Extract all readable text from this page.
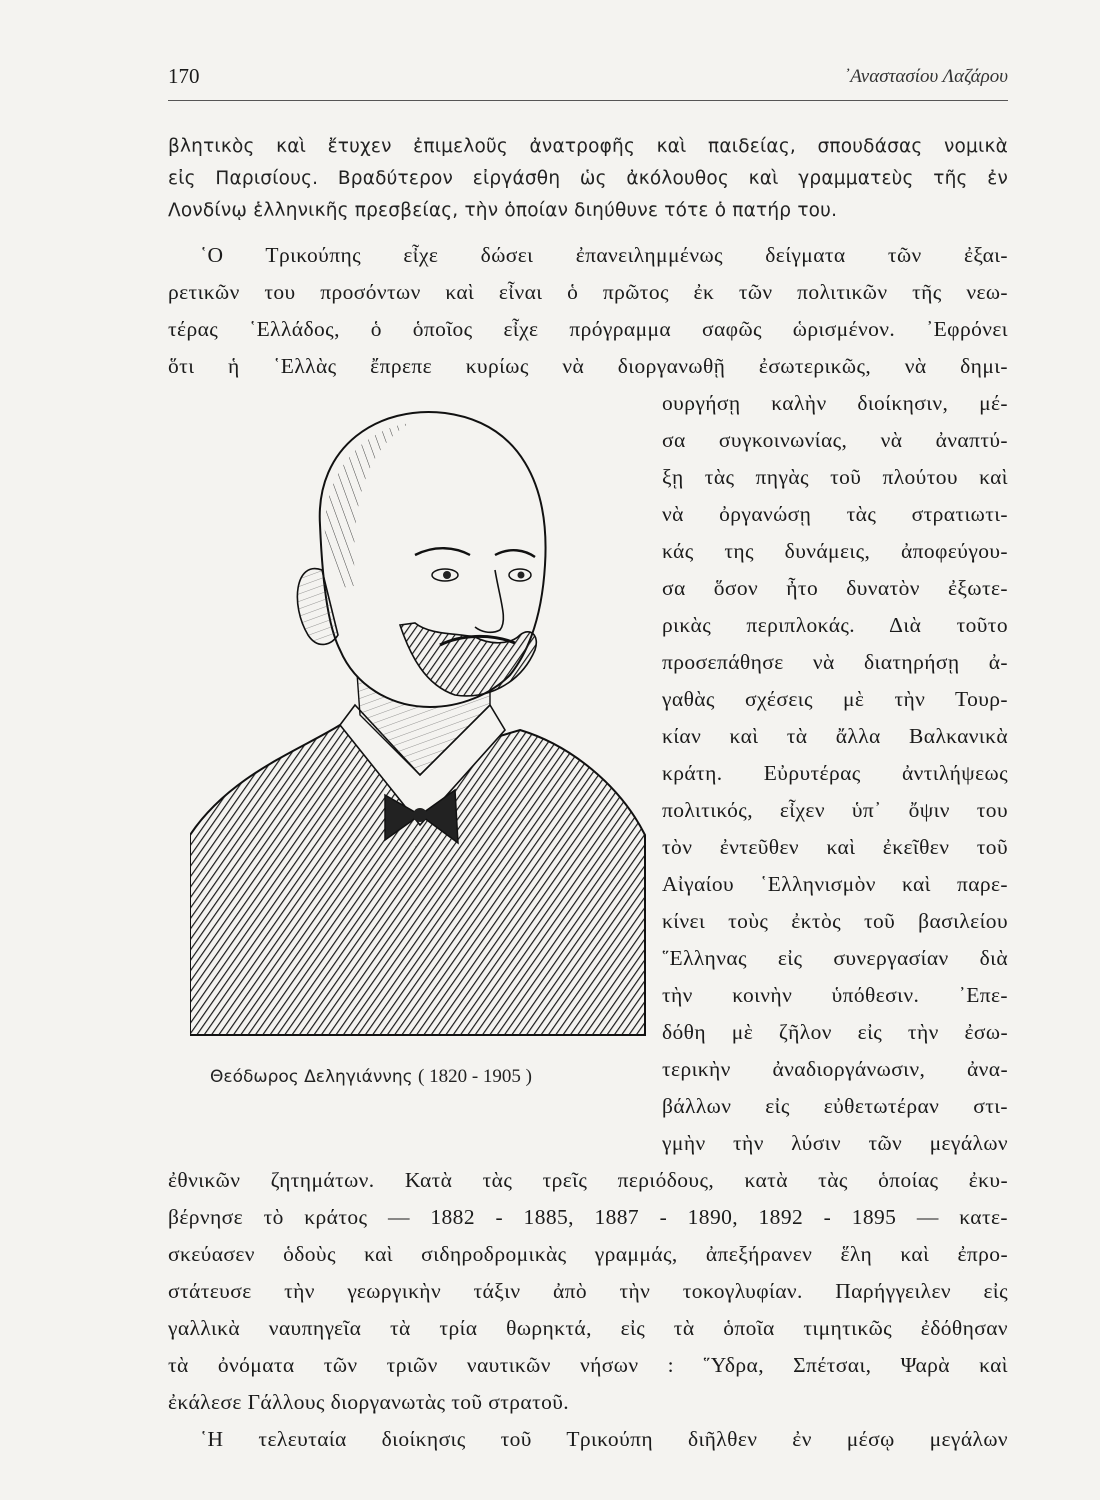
170	᾿Αναστασίου Λαζάρου
βλητικὸς καὶ ἔτυχεν ἐπιμελοῦς ἀνατροφῆς καὶ παιδείας, σπουδάσας νομικὰ
εἰς Παρισίους. Βραδύτερον εἰργάσθη ὡς ἀκόλουθος καὶ γραμματεὺς τῆς ἐν
Λονδίνῳ ἑλληνικῆς πρεσβείας, τὴν ὁποίαν διηύθυνε τότε ὁ πατήρ του.
῾Ο Τρικούπης εἶχε δώσει ἐπανειλημμένως δείγματα τῶν ἐξαι-
ρετικῶν του προσόντων καὶ εἶναι ὁ πρῶτος ἐκ τῶν πολιτικῶν τῆς νεω-
τέρας ῾Ελλάδος, ὁ ὁποῖος εἶχε πρόγραμμα σαφῶς ὡρισμένον. ᾿Εφρόνει
ὅτι ἡ ῾Ελλὰς ἔπρεπε κυρίως νὰ διοργανωθῇ ἐσωτερικῶς, νὰ δημι-
ουργήσῃ καλὴν διοίκησιν, μέ-
σα συγκοινωνίας, νὰ ἀναπτύ-
ξῃ τὰς πηγὰς τοῦ πλούτου καὶ
νὰ ὀργανώσῃ τὰς στρατιωτι-
κάς της δυνάμεις, ἀποφεύγου-
σα ὅσον ἦτο δυνατὸν ἐξωτε-
ρικὰς περιπλοκάς. Διὰ τοῦτο
προσεπάθησε νὰ διατηρήσῃ ἀ-
γαθὰς σχέσεις μὲ τὴν Τουρ-
κίαν καὶ τὰ ἄλλα Βαλκανικὰ
κράτη. Εὐρυτέρας ἀντιλήψεως
πολιτικός, εἶχεν ὑπ᾿ ὄψιν του
τὸν ἐντεῦθεν καὶ ἐκεῖθεν τοῦ
Αἰγαίου ῾Ελληνισμὸν καὶ παρε-
κίνει τοὺς ἐκτὸς τοῦ βασιλείου
῞Ελληνας εἰς συνεργασίαν διὰ
τὴν κοινὴν ὑπόθεσιν. ᾿Επε-
δόθη μὲ ζῆλον εἰς τὴν ἐσω-
τερικὴν ἀναδιοργάνωσιν, ἀνα-
βάλλων εἰς εὐθετωτέραν στι-
γμὴν τὴν λύσιν τῶν μεγάλων
ἐθνικῶν ζητημάτων. Κατὰ τὰς τρεῖς περιόδους, κατὰ τὰς ὁποίας ἐκυ-
βέρνησε τὸ κράτος — 1882 - 1885, 1887 - 1890, 1892 - 1895 — κατε-
σκεύασεν ὁδοὺς καὶ σιδηροδρομικὰς γραμμάς, ἀπεξήρανεν ἕλη καὶ ἐπρο-
στάτευσε τὴν γεωργικὴν τάξιν ἀπὸ τὴν τοκογλυφίαν. Παρήγγειλεν εἰς
γαλλικὰ ναυπηγεῖα τὰ τρία θωρηκτά, εἰς τὰ ὁποῖα τιμητικῶς ἐδόθησαν
τὰ ὀνόματα τῶν τριῶν ναυτικῶν νήσων : ῞Υδρα, Σπέτσαι, Ψαρὰ καὶ
ἐκάλεσε Γάλλους διοργανωτὰς τοῦ στρατοῦ.
῾Η τελευταία διοίκησις τοῦ Τρικούπη διῆλθεν ἐν μέσῳ μεγάλων
Θεόδωρος Δεληγιάννης ( 1820 - 1905 )
